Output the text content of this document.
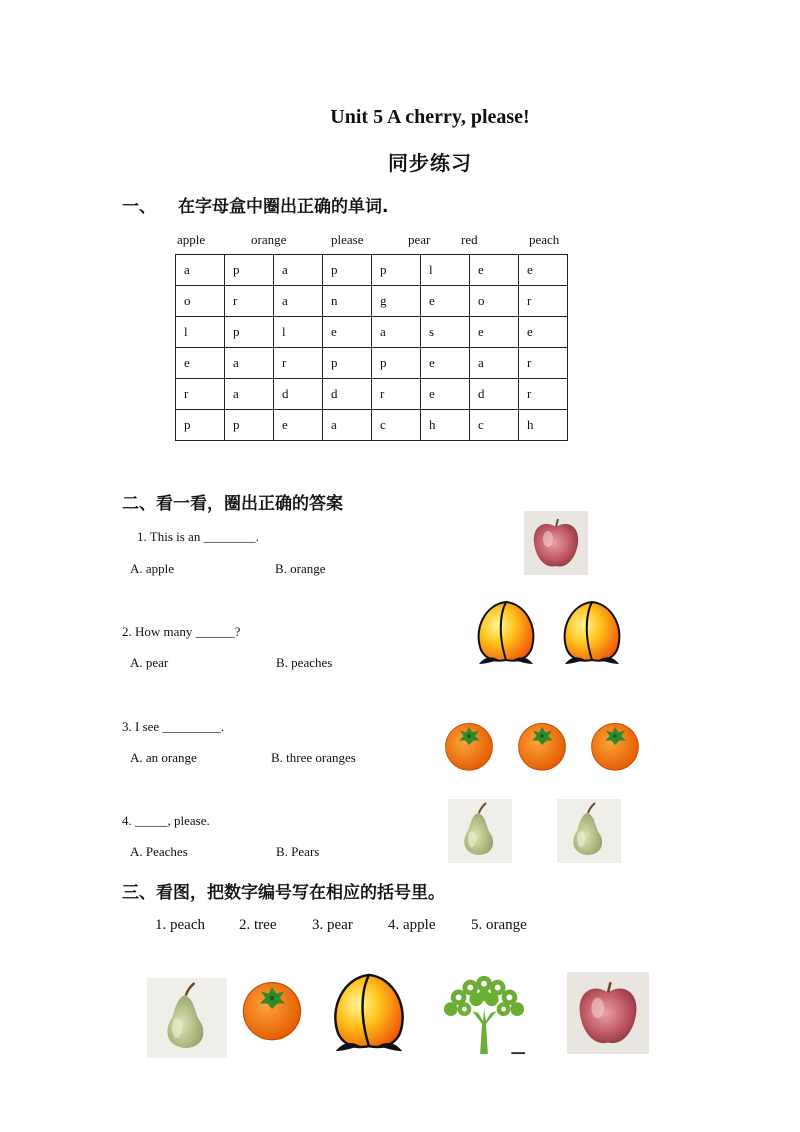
Unit 5 A cherry, please!
同步练习
一、 在字母盒中圈出正确的单词.
apple	orange	please	pear red	peach
a	p	a	p	p	l	e	e
o	r	a	n	g	e	o	r
l	p	l	e	a	s	e	e
e	a	r	p	p	e	a	r
r	a	d	d	r	e	d	r
p	p	e	a	c	h	c	h
二、看一看，圈出正确的答案
1. This is an ________.
A. apple	B. orange
2. How many ______?
A. pear	B. peaches
3. I see _________.
A. an orange	B. three oranges
4. _____, please.
A. Peaches	B. Pears
三、看图，把数字编号写在相应的括号里。
1. peach 2. tree 3. pear 4. apple 5. orange
